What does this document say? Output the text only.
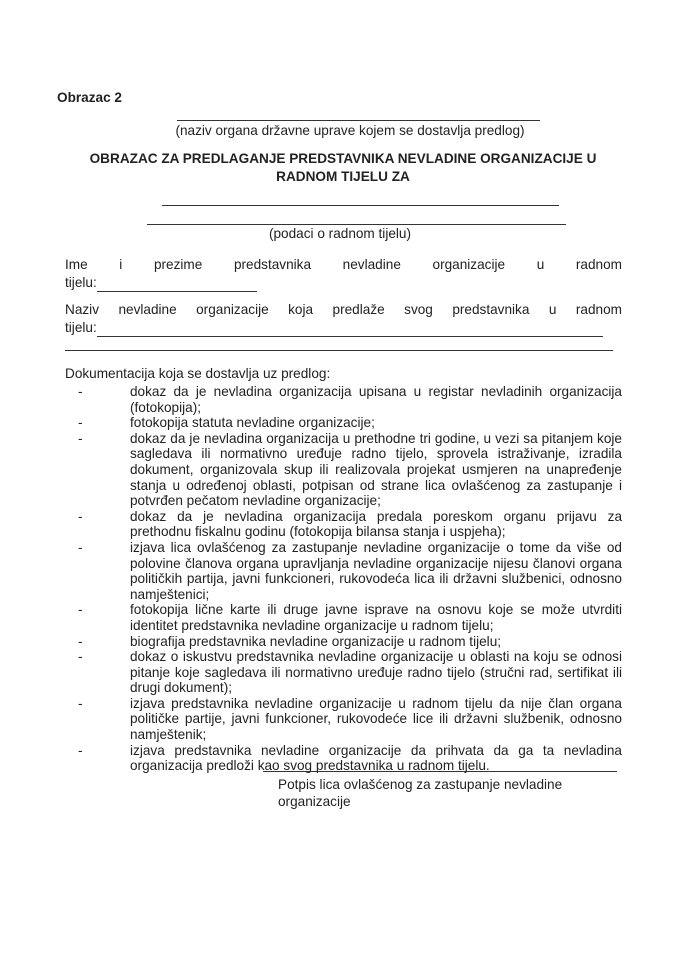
Obrazac 2
(naziv organa državne uprave kojem se dostavlja predlog)
OBRAZAC ZA PREDLAGANJE PREDSTAVNIKA NEVLADINE ORGANIZACIJE U
RADNOM TIJELU ZA
(podaci o radnom tijelu)
Ime i prezime predstavnika nevladine organizacije u radnom
tijelu:
Naziv nevladine organizacije koja predlaže svog predstavnika u radnom
tijelu:
Dokumentacija koja se dostavlja uz predlog:
- dokaz da je nevladina organizacija upisana u registar nevladinih organizacija (fotokopija);
- fotokopija statuta nevladine organizacije;
- dokaz da je nevladina organizacija u prethodne tri godine, u vezi sa pitanjem koje sagledava ili normativno uređuje radno tijelo, sprovela istraživanje, izradila dokument, organizovala skup ili realizovala projekat usmjeren na unapređenje stanja u određenoj oblasti, potpisan od strane lica ovlašćenog za zastupanje i potvrđen pečatom nevladine organizacije;
- dokaz da je nevladina organizacija predala poreskom organu prijavu za prethodnu fiskalnu godinu (fotokopija bilansa stanja i uspjeha);
- izjava lica ovlašćenog za zastupanje nevladine organizacije o tome da više od polovine članova organa upravljanja nevladine organizacije nijesu članovi organa političkih partija, javni funkcioneri, rukovodeća lica ili državni službenici, odnosno namještenici;
- fotokopija lične karte ili druge javne isprave na osnovu koje se može utvrditi identitet predstavnika nevladine organizacije u radnom tijelu;
- biografija predstavnika nevladine organizacije u radnom tijelu;
- dokaz o iskustvu predstavnika nevladine organizacije u oblasti na koju se odnosi pitanje koje sagledava ili normativno uređuje radno tijelo (stručni rad, sertifikat ili drugi dokument);
- izjava predstavnika nevladine organizacije u radnom tijelu da nije član organa političke partije, javni funkcioner, rukovodeće lice ili državni službenik, odnosno namještenik;
- izjava predstavnika nevladine organizacije da prihvata da ga ta nevladina organizacija predloži kao svog predstavnika u radnom tijelu.
Potpis lica ovlašćenog za zastupanje nevladine
organizacije
